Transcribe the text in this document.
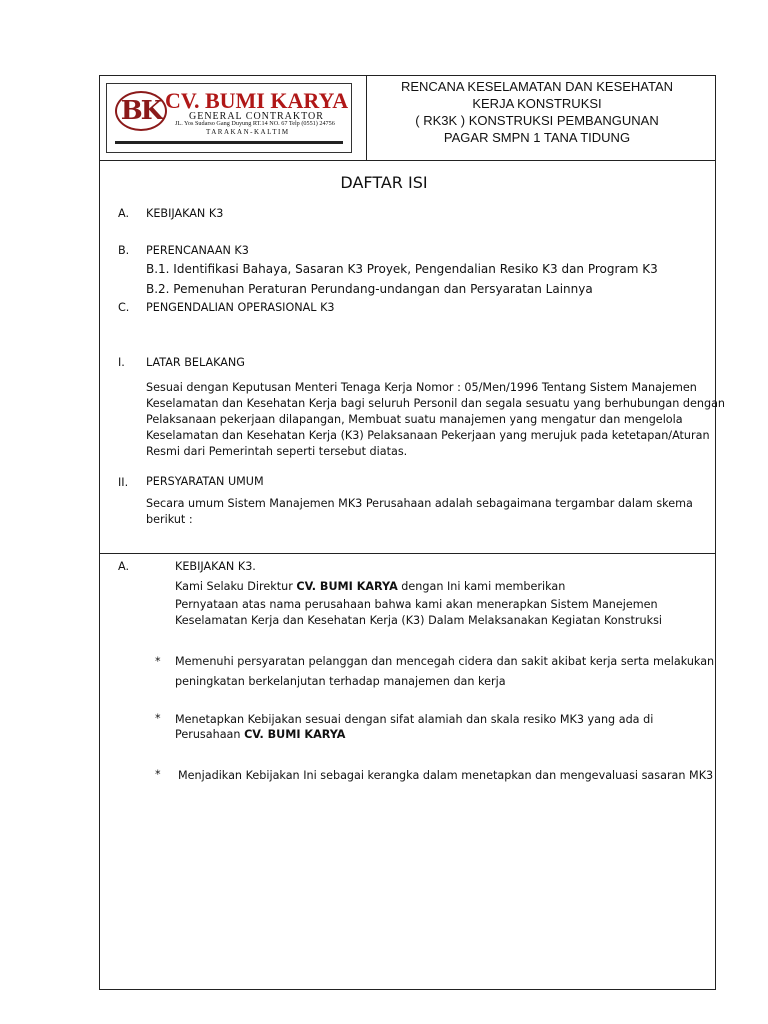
BK CV. BUMI KARYA
GENERAL CONTRAKTOR
JL. Yos Sudarso Gang Duyung RT.14 NO. 67 Telp (0551) 24756
TARAKAN-KALTIM
RENCANA KESELAMATAN DAN KESEHATAN
KERJA KONSTRUKSI
( RK3K ) KONSTRUKSI PEMBANGUNAN
PAGAR SMPN 1 TANA TIDUNG
DAFTAR ISI
A. KEBIJAKAN K3
B. PERENCANAAN K3
B.1. Identifikasi Bahaya, Sasaran K3 Proyek, Pengendalian Resiko K3 dan Program K3
B.2. Pemenuhan Peraturan Perundang-undangan dan Persyaratan Lainnya
C. PENGENDALIAN OPERASIONAL K3
I. LATAR BELAKANG
Sesuai dengan Keputusan Menteri Tenaga Kerja Nomor : 05/Men/1996 Tentang Sistem Manajemen
Keselamatan dan Kesehatan Kerja bagi seluruh Personil dan segala sesuatu yang berhubungan dengan
Pelaksanaan pekerjaan dilapangan, Membuat suatu manajemen yang mengatur dan mengelola
Keselamatan dan Kesehatan Kerja (K3) Pelaksanaan Pekerjaan yang merujuk pada ketetapan/Aturan
Resmi dari Pemerintah seperti tersebut diatas.
II. PERSYARATAN UMUM
Secara umum Sistem Manajemen MK3 Perusahaan adalah sebagaimana tergambar dalam skema
berikut :
A.	KEBIJAKAN K3.
Kami Selaku Direktur CV. BUMI KARYA dengan Ini kami memberikan
Pernyataan atas nama perusahaan bahwa kami akan menerapkan Sistem Manejemen
Keselamatan Kerja dan Kesehatan Kerja (K3) Dalam Melaksanakan Kegiatan Konstruksi
* Memenuhi persyaratan pelanggan dan mencegah cidera dan sakit akibat kerja serta melakukan
peningkatan berkelanjutan terhadap manajemen dan kerja
* Menetapkan Kebijakan sesuai dengan sifat alamiah dan skala resiko MK3 yang ada di
Perusahaan CV. BUMI KARYA
* Menjadikan Kebijakan Ini sebagai kerangka dalam menetapkan dan mengevaluasi sasaran MK3
